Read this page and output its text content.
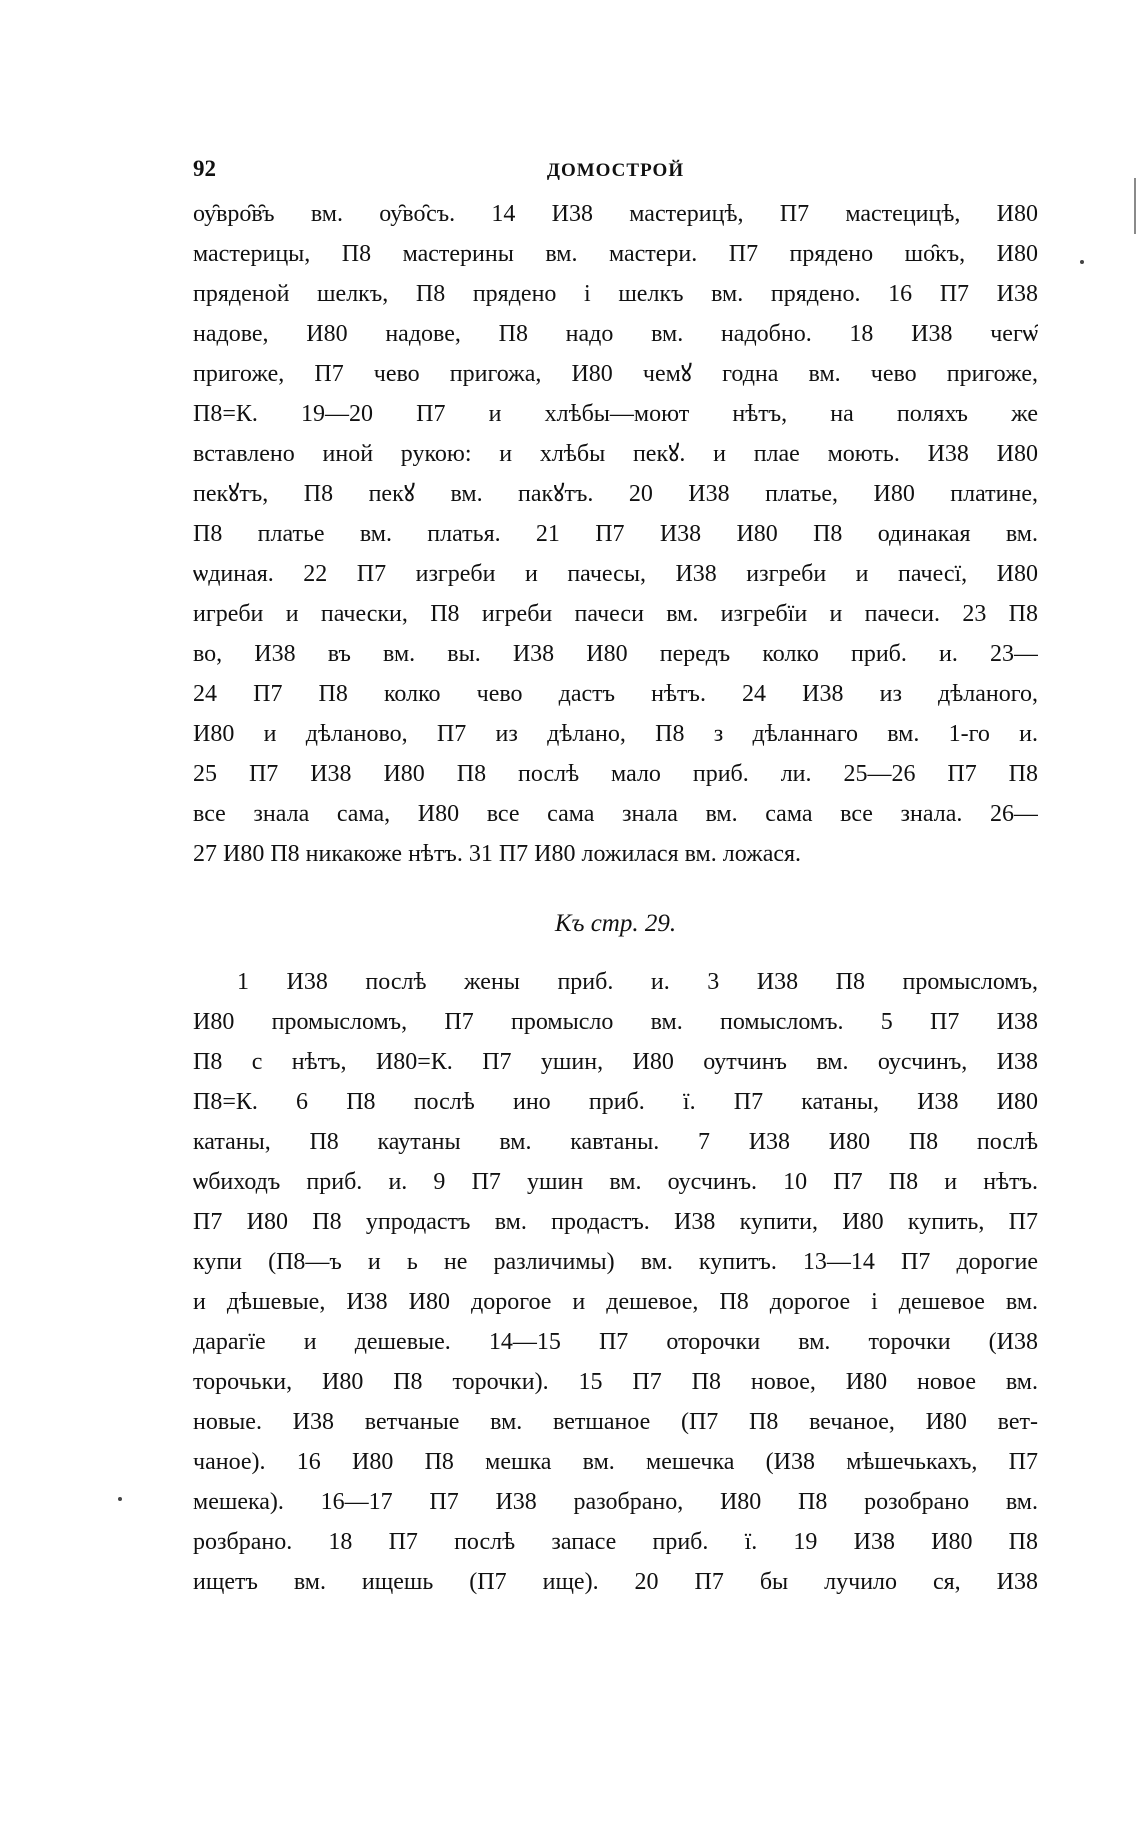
92	ДОМОСТРОЙ
оу̑вро̑в̑ъ вм. оу̑во̑съ. 14 И38 мастерицѣ, П7 мастецицѣ, И80
мастерицы, П8 мастерины вм. мастери. П7 прядено шо̑къ, И80
пряденой шелкъ, П8 прядено і шелкъ вм. прядено. 16 П7 И38
надове, И80 надове, П8 надо вм. надобно. 18 И38 чегѡ̑
пригоже, П7 чево пригожа, И80 чемꙋ годна вм. чево пригоже,
П8=К. 19—20 П7 и хлѣбы—моют нѣтъ, на поляхъ же
вставлено иной рукою: и хлѣбы пекꙋ. и плае моють. И38 И80
пекꙋтъ, П8 пекꙋ вм. пакꙋтъ. 20 И38 платье, И80 платине,
П8 платье вм. платья. 21 П7 И38 И80 П8 одинакая вм.
ѡдиная. 22 П7 изгреби и пачесы, И38 изгреби и пачесї, И80
игреби и пачески, П8 игреби пачеси вм. изгребїи и пачеси. 23 П8
во, И38 въ вм. вы. И38 И80 передъ колко приб. и. 23—
24 П7 П8 колко чево дастъ нѣтъ. 24 И38 из дѣланого,
И80 и дѣланово, П7 из дѣлано, П8 з дѣланнаго вм. 1-го и.
25 П7 И38 И80 П8 послѣ мало приб. ли. 25—26 П7 П8
все знала сама, И80 все сама знала вм. сама все знала. 26—
27 И80 П8 никакоже нѣтъ. 31 П7 И80 ложилася вм. ложася.
Къ стр. 29.
1 И38 послѣ жены приб. и. 3 И38 П8 промысломъ,
И80 промысломъ, П7 промысло вм. помысломъ. 5 П7 И38
П8 с нѣтъ, И80=К. П7 ушин, И80 оутчинъ вм. оусчинъ, И38
П8=К. 6 П8 послѣ ино приб. ї. П7 катаны, И38 И80
катаны, П8 каутаны вм. кавтаны. 7 И38 И80 П8 послѣ
ѡбиходъ приб. и. 9 П7 ушин вм. оусчинъ. 10 П7 П8 и нѣтъ.
П7 И80 П8 упродастъ вм. продастъ. И38 купити, И80 купить, П7
купи (П8—ъ и ь не различимы) вм. купитъ. 13—14 П7 дорогие
и дѣшевые, И38 И80 дорогое и дешевое, П8 дорогое і дешевое вм.
дарагїе и дешевые. 14—15 П7 оторочки вм. торочки (И38
торочьки, И80 П8 торочки). 15 П7 П8 новое, И80 новое вм.
новые. И38 ветчаные вм. ветшаное (П7 П8 вечаное, И80 вет-
чаное). 16 И80 П8 мешка вм. мешечка (И38 мѣшечькахъ, П7
мешека). 16—17 П7 И38 разобрано, И80 П8 розобрано вм.
розбрано. 18 П7 послѣ запасе приб. ї. 19 И38 И80 П8
ищетъ вм. ищешь (П7 ище). 20 П7 бы лучило ся, И38
